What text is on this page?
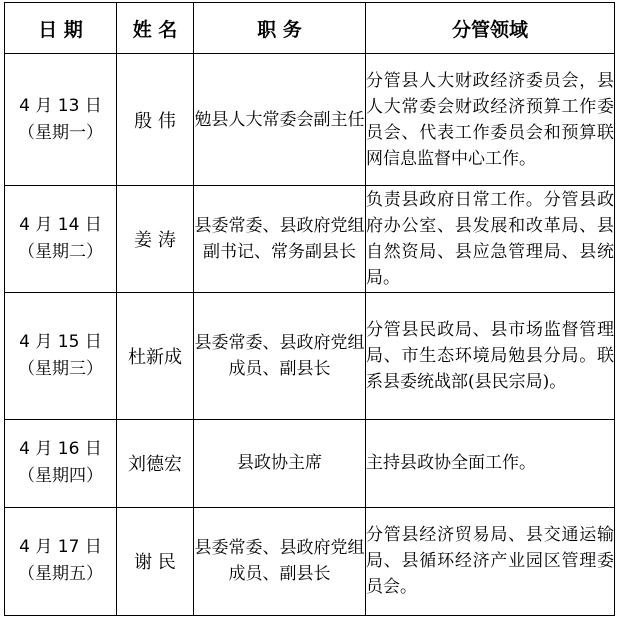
日 期	姓 名	职 务	分管领域

4 月 13 日
（星期一）	殷 伟	勉县人大常委会副主任	分管县人大财政经济委员会，县人大常委会财政经济预算工作委员会、代表工作委员会和预算联网信息监督中心工作。

4 月 14 日
（星期二）	姜 涛	县委常委、县政府党组副书记、常务副县长	负责县政府日常工作。分管县政府办公室、县发展和改革局、县自然资局、县应急管理局、县统局。

4 月 15 日
（星期三）	杜新成	县委常委、县政府党组成员、副县长	分管县民政局、县市场监督管理局、市生态环境局勉县分局。联系县委统战部(县民宗局)。

4 月 16 日
（星期四）	刘德宏	县政协主席	主持县政协全面工作。

4 月 17 日
（星期五）	谢 民	县委常委、县政府党组成员、副县长	分管县经济贸易局、县交通运输局、县循环经济产业园区管理委员会。
